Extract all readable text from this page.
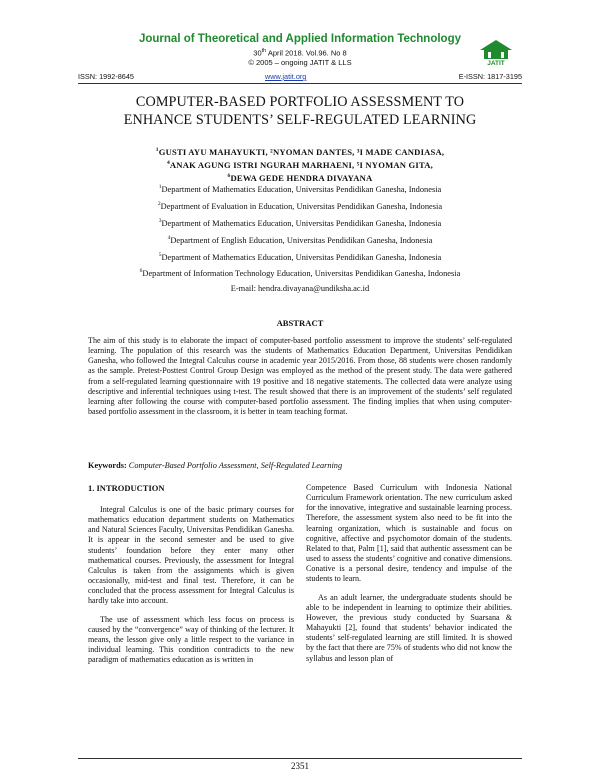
Journal of Theoretical and Applied Information Technology
30th April 2018. Vol.96. No 8
© 2005 – ongoing JATIT & LLS	JATIT
ISSN: 1992-8645	www.jatit.org	E-ISSN: 1817-3195
COMPUTER-BASED PORTFOLIO ASSESSMENT TO
ENHANCE STUDENTS’ SELF-REGULATED LEARNING
$^1$GUSTI AYU MAHAYUKTI, ²NYOMAN DANTES, ³I MADE CANDIASA,
$^4$ANAK AGUNG ISTRI NGURAH MARHAENI, ⁵I NYOMAN GITA,
$^6$DEWA GEDE HENDRA DIVAYANA
$^1$Department of Mathematics Education, Universitas Pendidikan Ganesha, Indonesia
$^2$Department of Evaluation in Education, Universitas Pendidikan Ganesha, Indonesia
$^3$Department of Mathematics Education, Universitas Pendidikan Ganesha, Indonesia
$^4$Department of English Education, Universitas Pendidikan Ganesha, Indonesia
$^5$Department of Mathematics Education, Universitas Pendidikan Ganesha, Indonesia
$^6$Department of Information Technology Education, Universitas Pendidikan Ganesha, Indonesia
E-mail: hendra.divayana@undiksha.ac.id
ABSTRACT
The aim of this study is to elaborate the impact of computer-based portfolio assessment to improve the students’ self-regulated learning. The population of this research was the students of Mathematics Education Department, Universitas Pendidikan Ganesha, who followed the Integral Calculus course in academic year 2015/2016. From those, 88 students were chosen randomly as the sample. Pretest-Posttest Control Group Design was employed as the method of the present study. The data were gathered from a self-regulated learning questionnaire with 19 positive and 18 negative statements. The collected data were analyze using descriptive and inferential techniques using t-test. The result showed that there is an improvement of the students’ self regulated learning after following the course with computer-based portfolio assessment. The finding implies that when using computer-based portfolio assessment in the classroom, it is better in team teaching format.
Keywords: Computer-Based Portfolio Assessment, Self-Regulated Learning
1. INTRODUCTION

Integral Calculus is one of the basic primary courses for mathematics education department students on Mathematics and Natural Sciences Faculty, Universitas Pendidikan Ganesha. It is appear in the second semester and be used to give students’ foundation before they enter many other mathematical courses. Previously, the assessment for Integral Calculus is taken from the assignments which is given occasionally, mid-test and final test. Therefore, it can be concluded that the process assessment for Integral Calculus is hardly take into account.

The use of assessment which less focus on process is caused by the “convergence” way of thinking of the lecturer. It means, the lesson give only a little respect to the variance in individual learning. This condition contradicts to the new paradigm of mathematics education as is written in

Competence Based Curriculum with Indonesia National Curriculum Framework orientation. The new curriculum asked for the innovative, integrative and sustainable learning process. Therefore, the assessment system also need to be fit into the learning organization, which is sustainable and focus on cognitive, affective and psychomotor domain of the students. Related to that, Palm [1], said that authentic assessment can be used to assess the students’ cognitive and conative dimensions. Conative is a personal desire, tendency and impulse of the students to learn.

As an adult learner, the undergraduate students should be able to be independent in learning to optimize their abilities. However, the previous study conducted by Suarsana & Mahayukti [2], found that students’ behavior indicated the students’ self-regulated learning are still limited. It is showed by the fact that there are 75% of students who did not know the syllabus and lesson plan of

2351
